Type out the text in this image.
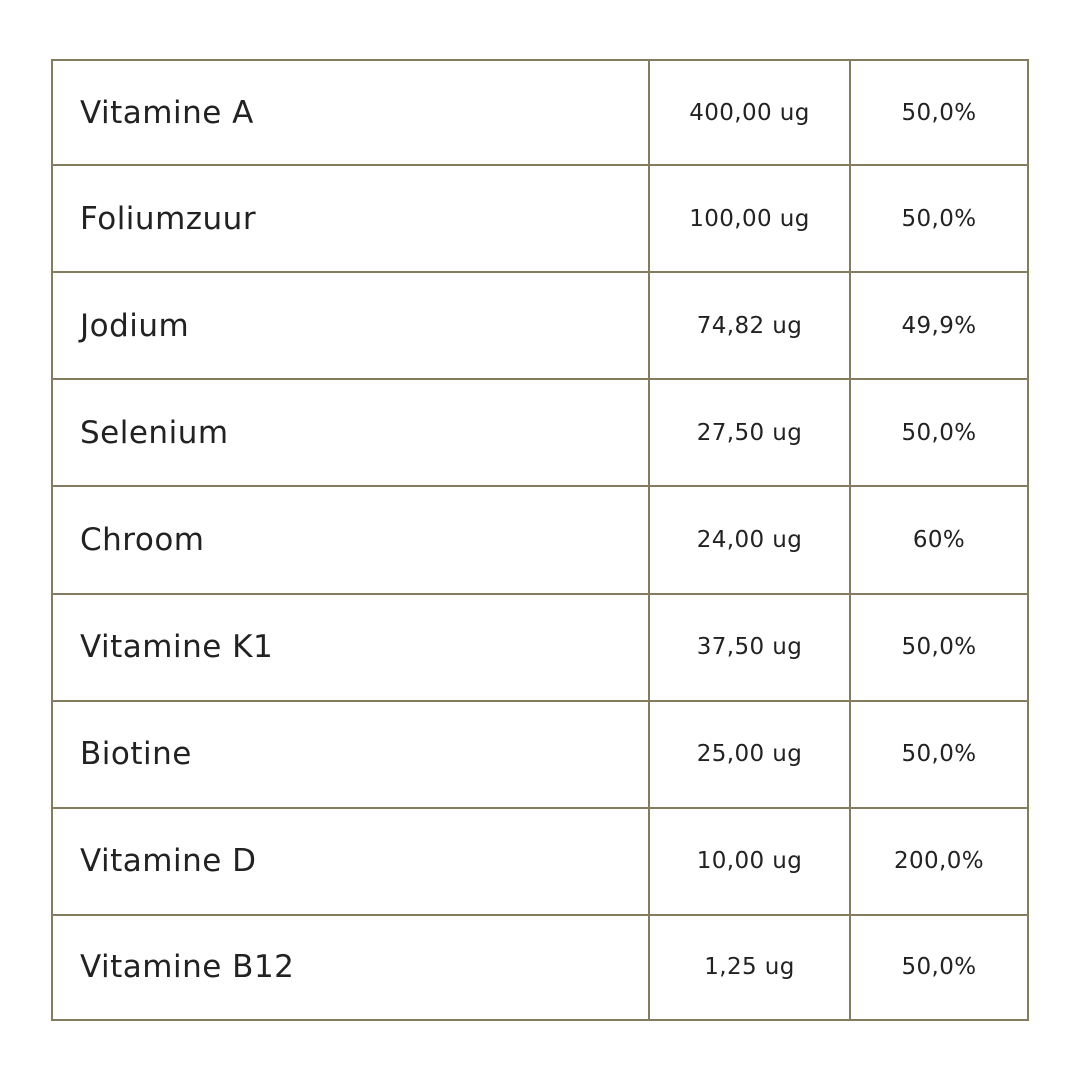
Vitamine A	400,00 ug	50,0%
Foliumzuur	100,00 ug	50,0%
Jodium	74,82 ug	49,9%
Selenium	27,50 ug	50,0%
Chroom	24,00 ug	60%
Vitamine K1	37,50 ug	50,0%
Biotine	25,00 ug	50,0%
Vitamine D	10,00 ug	200,0%
Vitamine B12	1,25 ug	50,0%
